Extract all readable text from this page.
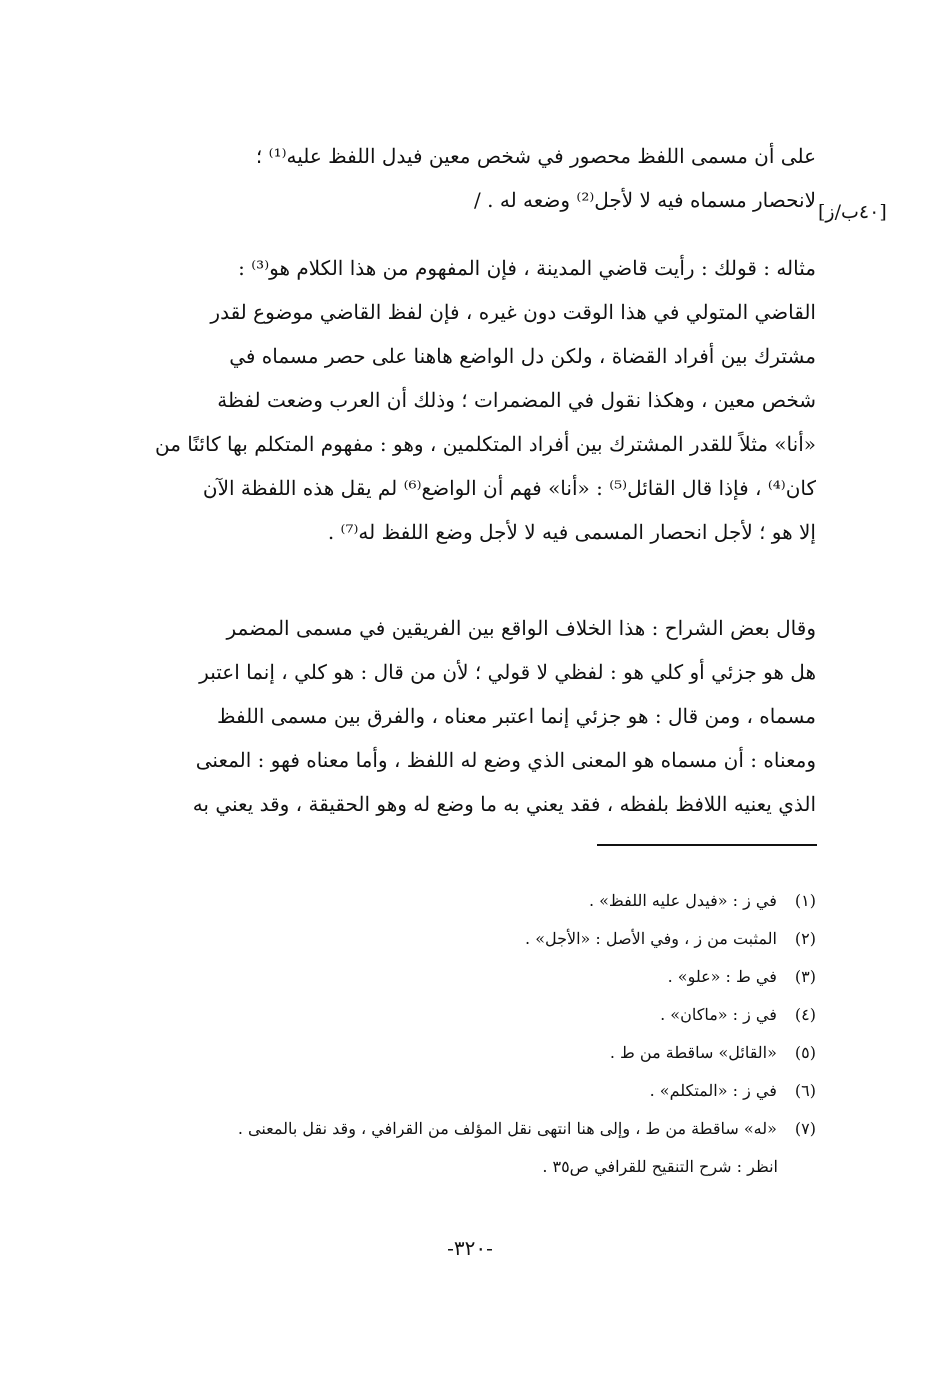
[٤٠ب/ز]
على أن مسمى اللفظ محصور في شخص معين فيدل اللفظ عليه⁽¹⁾ ؛
لانحصار مسماه فيه لا لأجل⁽²⁾ وضعه له . /
مثاله : قولك : رأيت قاضي المدينة ، فإن المفهوم من هذا الكلام هو⁽³⁾ :
القاضي المتولي في هذا الوقت دون غيره ، فإن لفظ القاضي موضوع لقدر
مشترك بين أفراد القضاة ، ولكن دل الواضع هاهنا على حصر مسماه في
شخص معين ، وهكذا نقول في المضمرات ؛ وذلك أن العرب وضعت لفظة
«أنا» مثلاً للقدر المشترك بين أفراد المتكلمين ، وهو : مفهوم المتكلم بها كائنًا من
كان⁽⁴⁾ ، فإذا قال القائل⁽⁵⁾ : «أنا» فهم أن الواضع⁽⁶⁾ لم يقل هذه اللفظة الآن
إلا هو ؛ لأجل انحصار المسمى فيه لا لأجل وضع اللفظ له⁽⁷⁾ .
وقال بعض الشراح : هذا الخلاف الواقع بين الفريقين في مسمى المضمر
هل هو جزئي أو كلي هو : لفظي لا قولي ؛ لأن من قال : هو كلي ، إنما اعتبر
مسماه ، ومن قال : هو جزئي إنما اعتبر معناه ، والفرق بين مسمى اللفظ
ومعناه : أن مسماه هو المعنى الذي وضع له اللفظ ، وأما معناه فهو : المعنى
الذي يعنيه اللافظ بلفظه ، فقد يعني به ما وضع له وهو الحقيقة ، وقد يعني به
(١) في ز : «فيدل عليه اللفظ» .
(٢) المثبت من ز ، وفي الأصل : «الأجل» .
(٣) في ط : «علو» .
(٤) في ز : «ماكان» .
(٥) «القائل» ساقطة من ط .
(٦) في ز : «المتكلم» .
(٧) «له» ساقطة من ط ، وإلى هنا انتهى نقل المؤلف من القرافي ، وقد نقل بالمعنى .
انظر : شرح التنقيح للقرافي ص٣٥ .
-٣٢٠-
